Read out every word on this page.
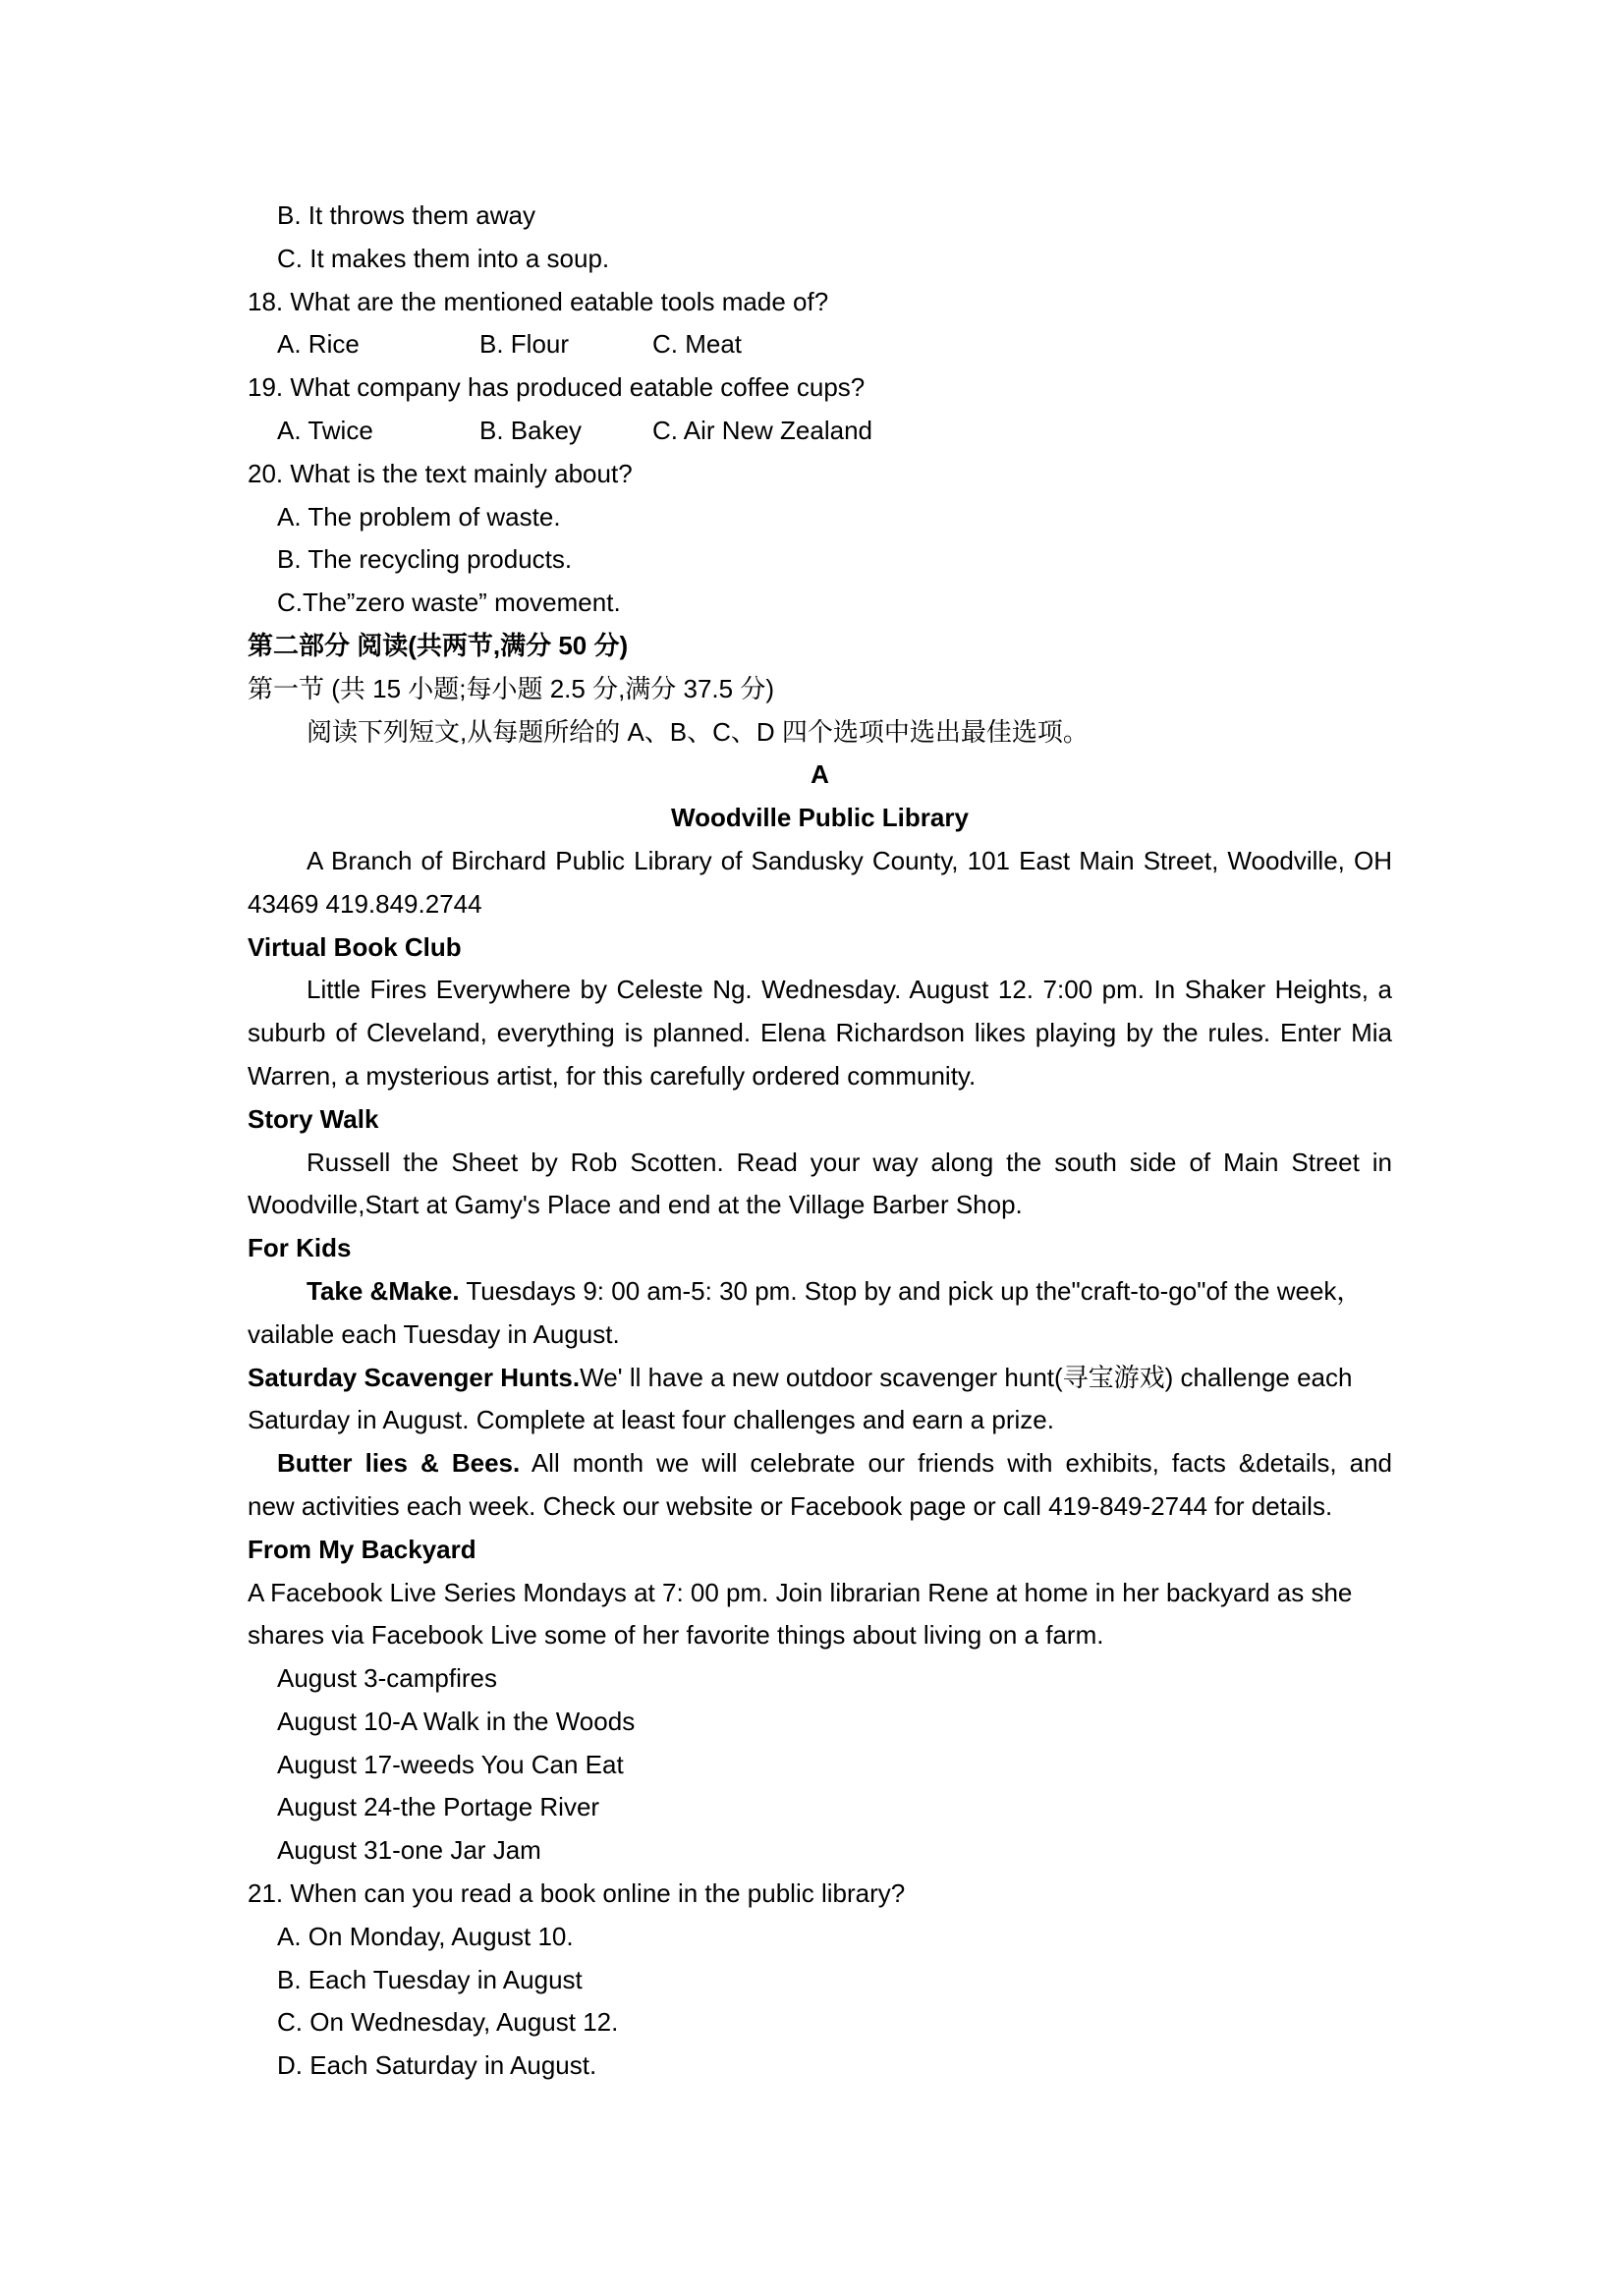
B. It throws them away
C. It makes them into a soup.
18. What are the mentioned eatable tools made of?
A. Rice	B. Flour	C. Meat
19. What company has produced eatable coffee cups?
A. Twice	B. Bakey	C. Air New Zealand
20. What is the text mainly about?
A. The problem of waste.
B. The recycling products.
C.The”zero waste” movement.
第二部分 阅读(共两节,满分 50 分)
第一节 (共 15 小题;每小题 2.5 分,满分 37.5 分)
阅读下列短文,从每题所给的 A、B、C、D 四个选项中选出最佳选项。
A
Woodville Public Library
A Branch of Birchard Public Library of Sandusky County, 101 East Main Street, Woodville, OH
43469 419.849.2744
Virtual Book Club
Little Fires Everywhere by Celeste Ng. Wednesday. August 12. 7:00 pm. In Shaker Heights, a
suburb of Cleveland, everything is planned. Elena Richardson likes playing by the rules. Enter Mia
Warren, a mysterious artist, for this carefully ordered community.
Story Walk
Russell the Sheet by Rob Scotten. Read your way along the south side of Main Street in
Woodville,Start at Gamy's Place and end at the Village Barber Shop.
For Kids
Take &Make. Tuesdays 9: 00 am-5: 30 pm. Stop by and pick up the"craft-to-go"of the week，
vailable each Tuesday in August.
Saturday Scavenger Hunts.We' ll have a new outdoor scavenger hunt(寻宝游戏) challenge each
Saturday in August. Complete at least four challenges and earn a prize.
Butter lies & Bees. All month we will celebrate our friends with exhibits, facts &details, and
new activities each week. Check our website or Facebook page or call 419-849-2744 for details.
From My Backyard
A Facebook Live Series Mondays at 7: 00 pm. Join librarian Rene at home in her backyard as she
shares via Facebook Live some of her favorite things about living on a farm.
August 3-campfires
August 10-A Walk in the Woods
August 17-weeds You Can Eat
August 24-the Portage River
August 31-one Jar Jam
21. When can you read a book online in the public library?
A. On Monday, August 10.
B. Each Tuesday in August
C. On Wednesday, August 12.
D. Each Saturday in August.
